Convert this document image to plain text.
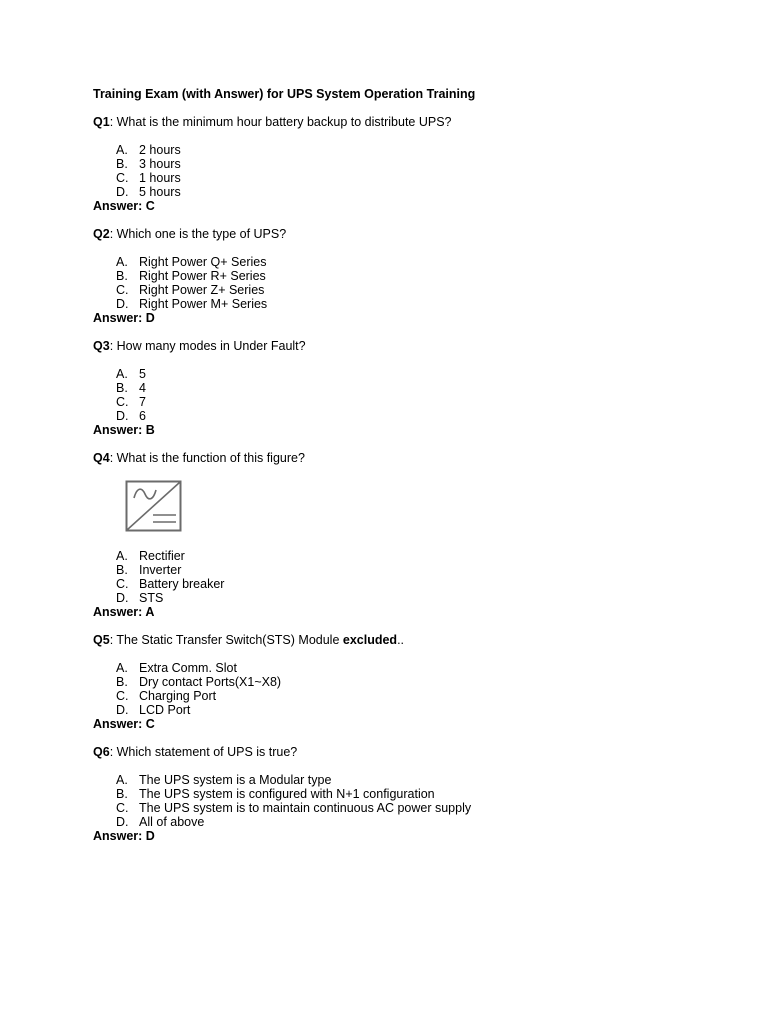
Training Exam (with Answer) for UPS System Operation Training
Q1: What is the minimum hour battery backup to distribute UPS?
A. 2 hours
B. 3 hours
C. 1 hours
D. 5 hours
Answer: C
Q2: Which one is the type of UPS?
A. Right Power Q+ Series
B. Right Power R+ Series
C. Right Power Z+ Series
D. Right Power M+ Series
Answer: D
Q3: How many modes in Under Fault?
A. 5
B. 4
C. 7
D. 6
Answer: B
Q4: What is the function of this figure?
A. Rectifier
B. Inverter
C. Battery breaker
D. STS
Answer: A
Q5: The Static Transfer Switch(STS) Module excluded..
A. Extra Comm. Slot
B. Dry contact Ports(X1~X8)
C. Charging Port
D. LCD Port
Answer: C
Q6: Which statement of UPS is true?
A. The UPS system is a Modular type
B. The UPS system is configured with N+1 configuration
C. The UPS system is to maintain continuous AC power supply
D. All of above
Answer: D
